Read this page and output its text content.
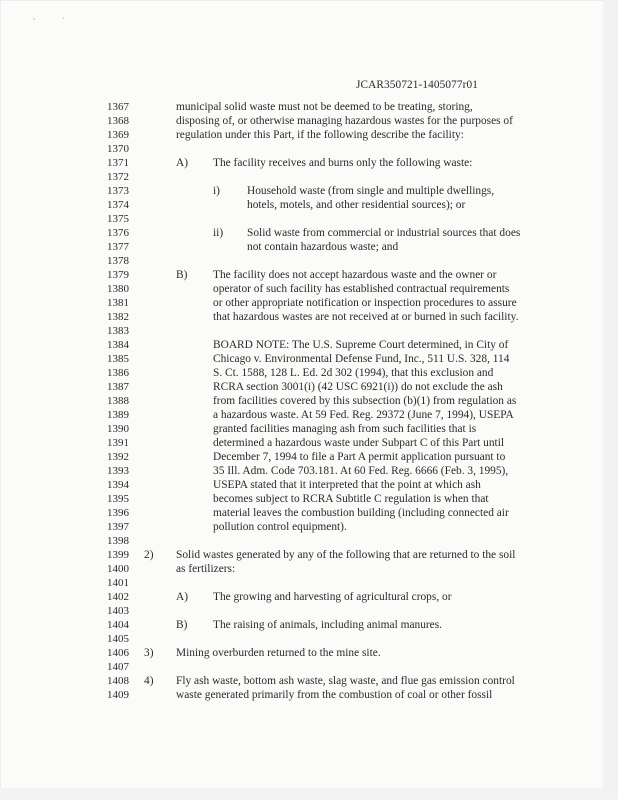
JCAR350721-1405077r01
municipal solid waste must not be deemed to be treating, storing,
disposing of, or otherwise managing hazardous wastes for the purposes of
regulation under this Part, if the following describe the facility:
A) The facility receives and burns only the following waste:
i) Household waste (from single and multiple dwellings,
hotels, motels, and other residential sources); or
ii) Solid waste from commercial or industrial sources that does
not contain hazardous waste; and
B) The facility does not accept hazardous waste and the owner or
operator of such facility has established contractual requirements
or other appropriate notification or inspection procedures to assure
that hazardous wastes are not received at or burned in such facility.
BOARD NOTE: The U.S. Supreme Court determined, in City of
Chicago v. Environmental Defense Fund, Inc., 511 U.S. 328, 114
S. Ct. 1588, 128 L. Ed. 2d 302 (1994), that this exclusion and
RCRA section 3001(i) (42 USC 6921(i)) do not exclude the ash
from facilities covered by this subsection (b)(1) from regulation as
a hazardous waste. At 59 Fed. Reg. 29372 (June 7, 1994), USEPA
granted facilities managing ash from such facilities that is
determined a hazardous waste under Subpart C of this Part until
December 7, 1994 to file a Part A permit application pursuant to
35 Ill. Adm. Code 703.181. At 60 Fed. Reg. 6666 (Feb. 3, 1995),
USEPA stated that it interpreted that the point at which ash
becomes subject to RCRA Subtitle C regulation is when that
material leaves the combustion building (including connected air
pollution control equipment).
2) Solid wastes generated by any of the following that are returned to the soil
as fertilizers:
A) The growing and harvesting of agricultural crops, or
B) The raising of animals, including animal manures.
3) Mining overburden returned to the mine site.
4) Fly ash waste, bottom ash waste, slag waste, and flue gas emission control
waste generated primarily from the combustion of coal or other fossil
1367
1368
1369
1370
1371
1372
1373
1374
1375
1376
1377
1378
1379
1380
1381
1382
1383
1384
1385
1386
1387
1388
1389
1390
1391
1392
1393
1394
1395
1396
1397
1398
1399
1400
1401
1402
1403
1404
1405
1406
1407
1408
1409
